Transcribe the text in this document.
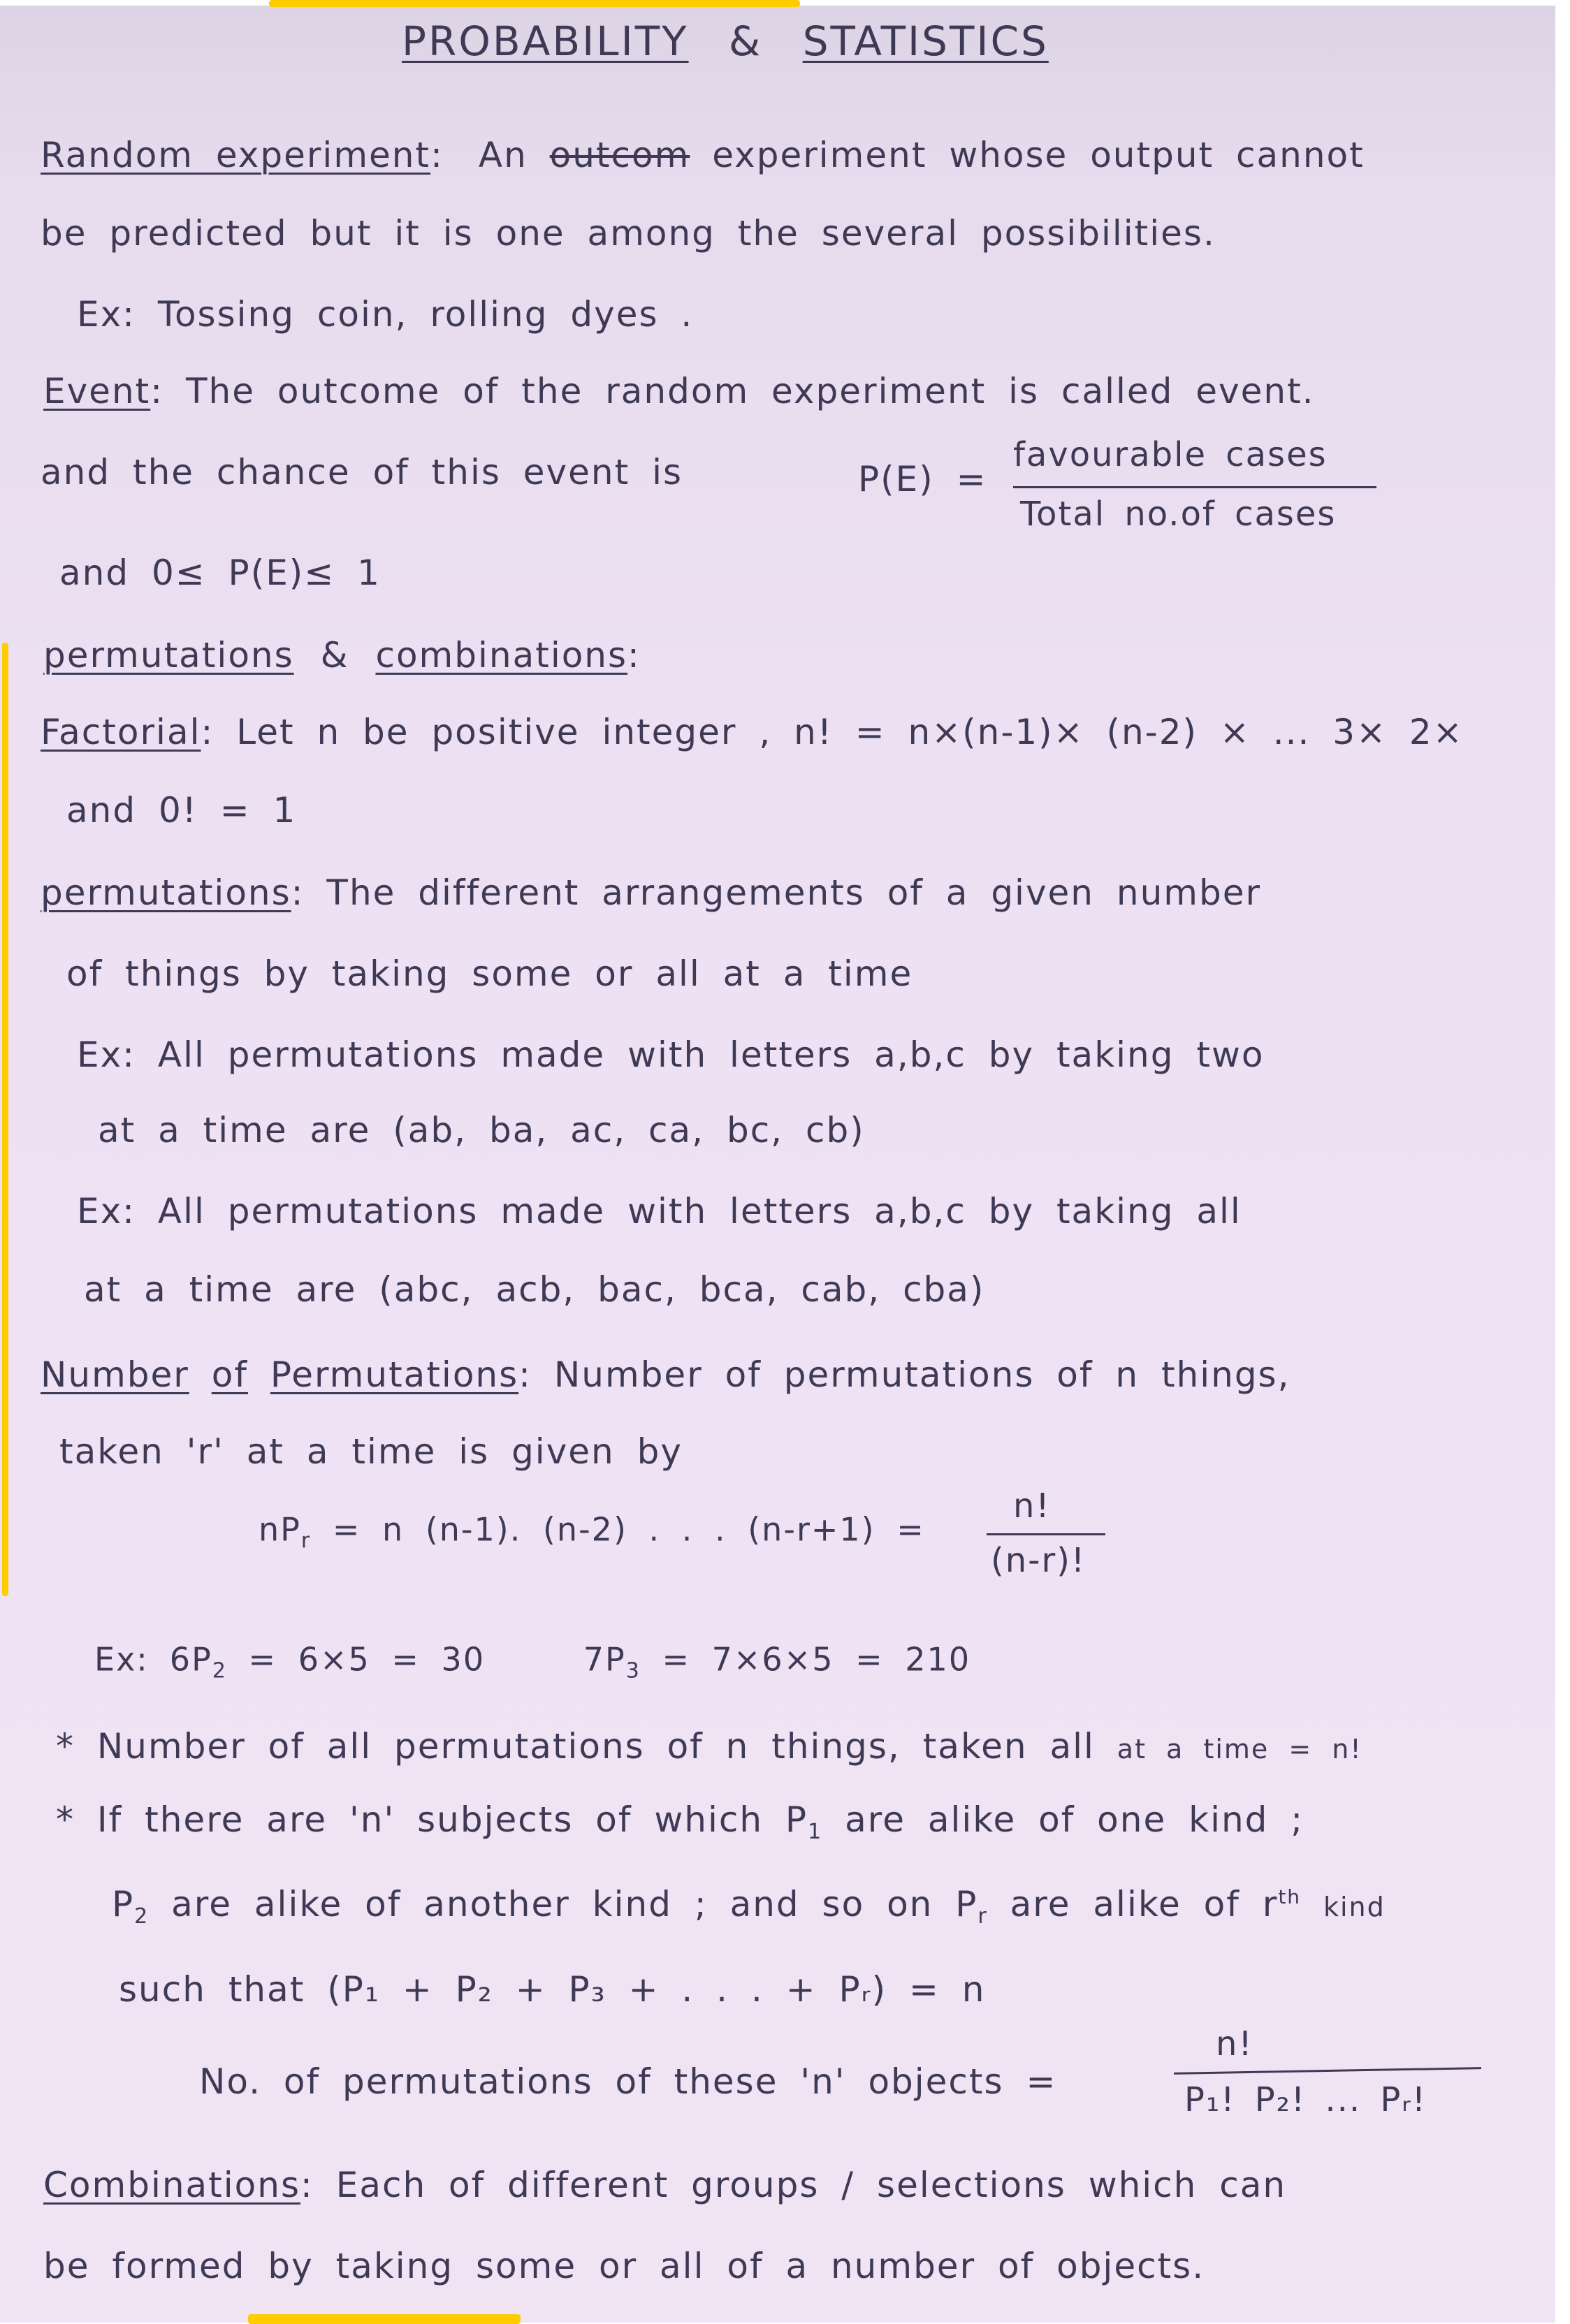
PROBABILITY & STATISTICS
Random experiment: An outcom experiment whose output cannot
be predicted but it is one among the several possibilities.
Ex: Tossing coin, rolling dyes .
Event: The outcome of the random experiment is called event.
and the chance of this event is	P(E) =
favourable cases
Total no.of cases
and 0≤ P(E)≤ 1
permutations & combinations:
Factorial: Let n be positive integer , n! = n×(n-1)× (n-2) × ... 3× 2×
and 0! = 1
permutations: The different arrangements of a given number
of things by taking some or all at a time
Ex: All permutations made with letters a,b,c by taking two
at a time are (ab, ba, ac, ca, bc, cb)
Ex: All permutations made with letters a,b,c by taking all
at a time are (abc, acb, bac, bca, cab, cba)
Number of Permutations: Number of permutations of n things,
taken 'r' at a time is given by
$nP_r = n$ (n-1). (n-2) . . . (n-r+1) =
n!
(n-r)!
Ex: $6P_2 = 6\times 5 = 30$	$7P_3 = 7\times 6\times 5 = 210$
* Number of all permutations of n things, taken all at a time = n!
* If there are 'n' subjects of which $P_1$ are alike of one kind ;
$P_2$ are alike of another kind ; and so on $P_r$ are alike of $r^{th}$ kind
such that (P₁ + P₂ + P₃ + . . . + Pᵣ) = n
No. of permutations of these 'n' objects =
n!
P₁! P₂! ... Pᵣ!
Combinations: Each of different groups / selections which can
be formed by taking some or all of a number of objects.
